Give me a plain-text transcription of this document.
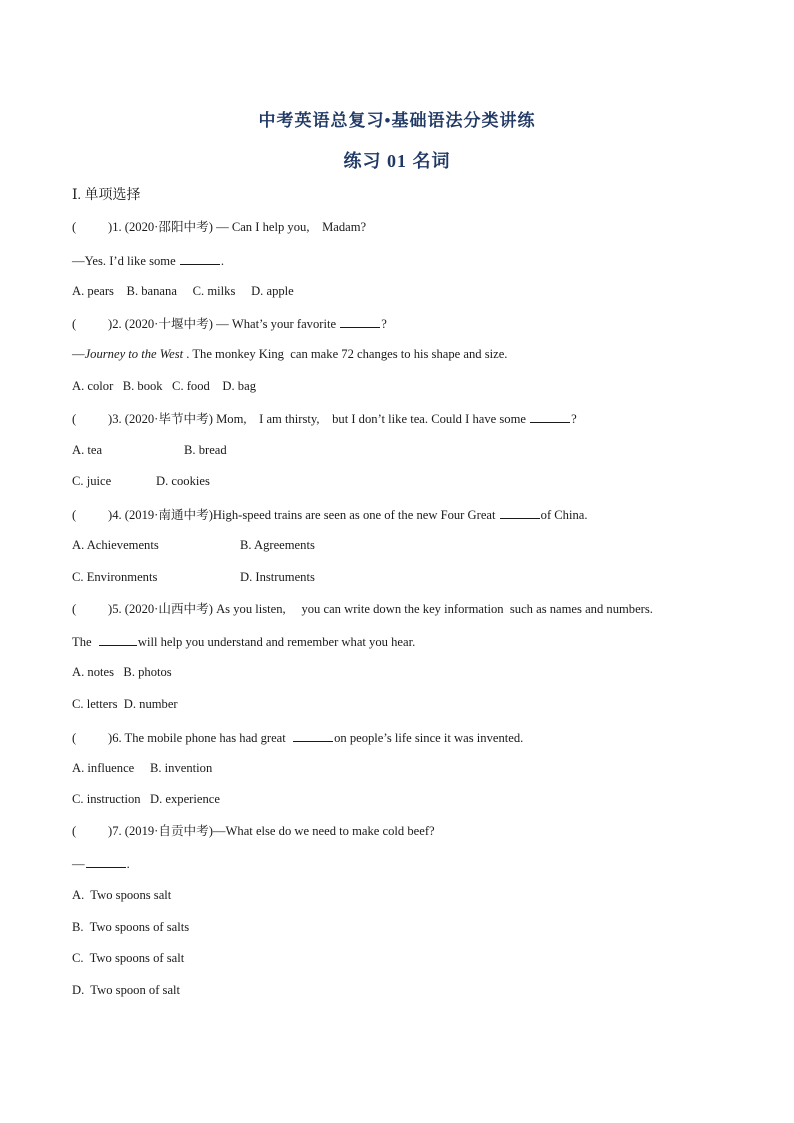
中考英语总复习•基础语法分类讲练
练习 01 名词
Ⅰ. 单项选择
(	)1. (2020·邵阳中考) — Can I help you,    Madam?
—Yes. I’d like some	.
A. pears    B. banana     C. milks     D. apple
(	)2. (2020·十堰中考) — What’s your favorite	?
—Journey to the West . The monkey King  can make 72 changes to his shape and size.
A. color   B. book   C. food    D. bag
(	)3. (2020·毕节中考) Mom,    I am thirsty,    but I don’t like tea. Could I have some	?
A. tea	B. bread
C. juice	D. cookies
(	)4. (2019·南通中考)High-speed trains are seen as one of the new Four Great	of China.
A. Achievements	B. Agreements
C. Environments	D. Instruments
(	)5. (2020·山西中考) As you listen,     you can write down the key information  such as names and numbers.
The	will help you understand and remember what you hear.
A. notes   B. photos
C. letters  D. number
(	)6. The mobile phone has had great	on people’s life since it was invented.
A. influence     B. invention
C. instruction   D. experience
(	)7. (2019·自贡中考)—What else do we need to make cold beef?
—	.
A.  Two spoons salt
B.  Two spoons of salts
C.  Two spoons of salt
D.  Two spoon of salt
